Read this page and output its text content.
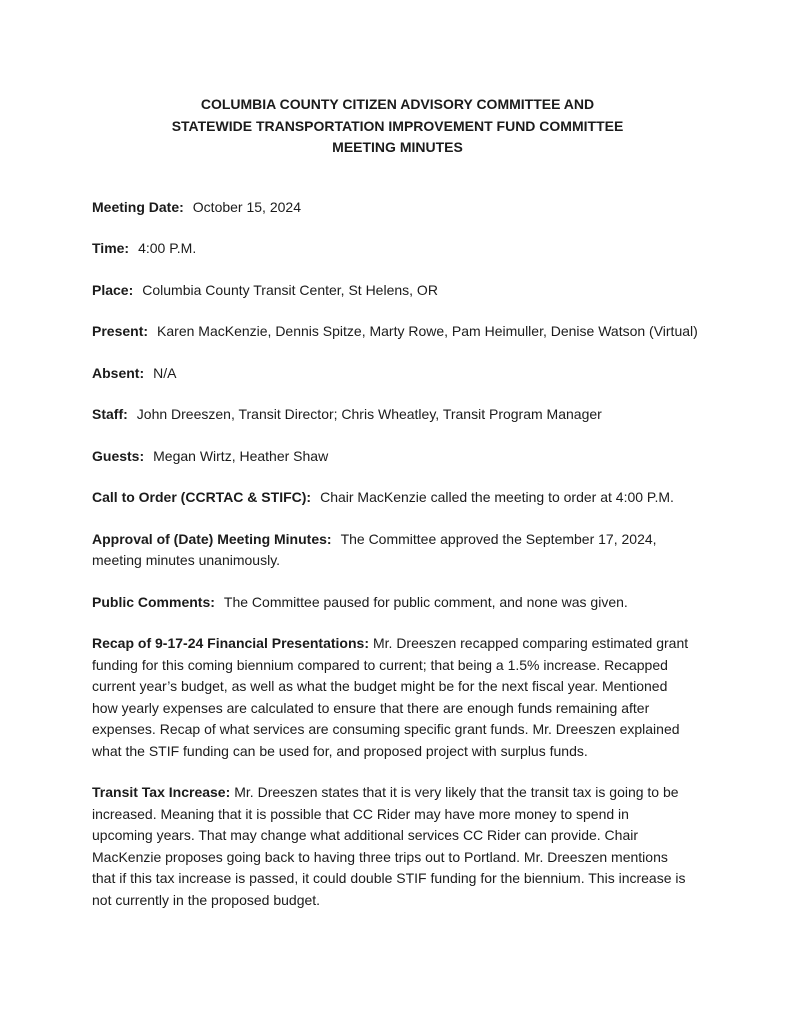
COLUMBIA COUNTY CITIZEN ADVISORY COMMITTEE AND
STATEWIDE TRANSPORTATION IMPROVEMENT FUND COMMITTEE
MEETING MINUTES

Meeting Date: October 15, 2024

Time: 4:00 P.M.

Place: Columbia County Transit Center, St Helens, OR

Present: Karen MacKenzie, Dennis Spitze, Marty Rowe, Pam Heimuller, Denise Watson (Virtual)

Absent: N/A

Staff: John Dreeszen, Transit Director; Chris Wheatley, Transit Program Manager

Guests: Megan Wirtz, Heather Shaw

Call to Order (CCRTAC & STIFC): Chair MacKenzie called the meeting to order at 4:00 P.M.

Approval of (Date) Meeting Minutes: The Committee approved the September 17, 2024,
meeting minutes unanimously.

Public Comments: The Committee paused for public comment, and none was given.

Recap of 9-17-24 Financial Presentations: Mr. Dreeszen recapped comparing estimated grant
funding for this coming biennium compared to current; that being a 1.5% increase. Recapped
current year’s budget, as well as what the budget might be for the next fiscal year. Mentioned
how yearly expenses are calculated to ensure that there are enough funds remaining after
expenses. Recap of what services are consuming specific grant funds. Mr. Dreeszen explained
what the STIF funding can be used for, and proposed project with surplus funds.

Transit Tax Increase: Mr. Dreeszen states that it is very likely that the transit tax is going to be
increased. Meaning that it is possible that CC Rider may have more money to spend in
upcoming years. That may change what additional services CC Rider can provide. Chair
MacKenzie proposes going back to having three trips out to Portland. Mr. Dreeszen mentions
that if this tax increase is passed, it could double STIF funding for the biennium. This increase is
not currently in the proposed budget.
